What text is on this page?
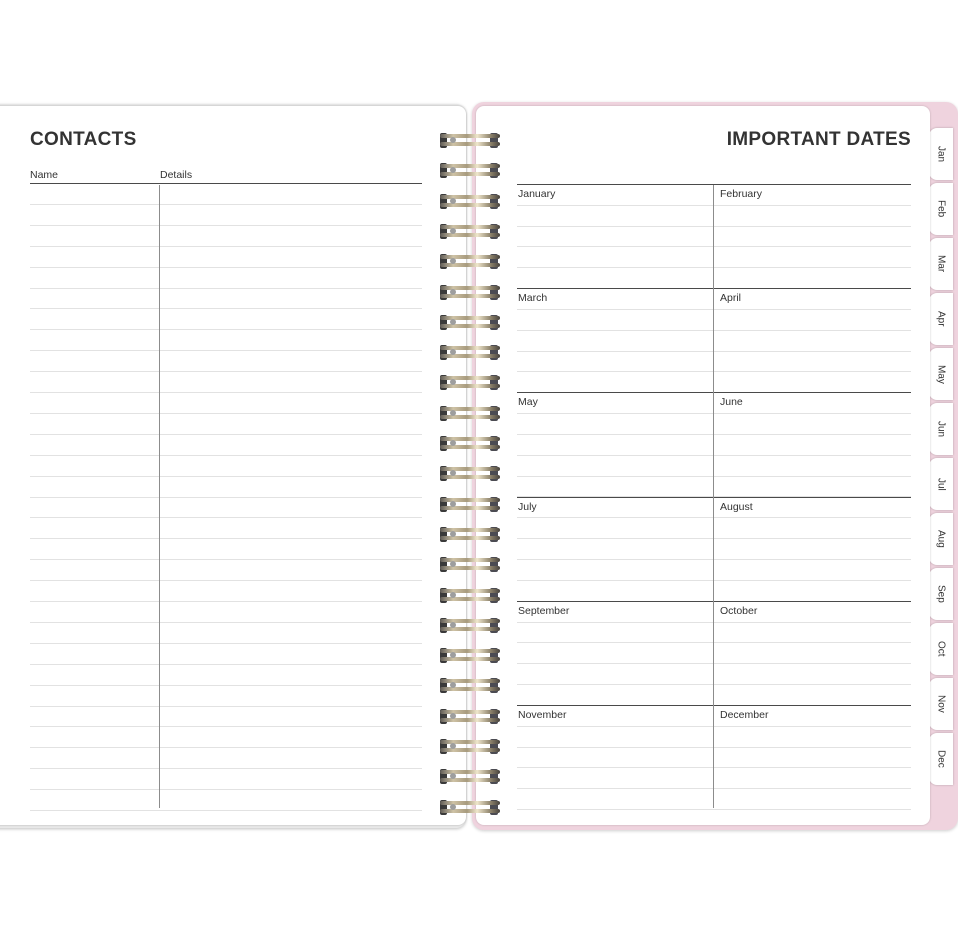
Jan
Feb
Mar
Apr
May
Jun
Jul
Aug
Sep
Oct
Nov
Dec
CONTACTS
Name	Details
IMPORTANT DATES
January	February
March	April
May	June
July	August
September	October
November	December
